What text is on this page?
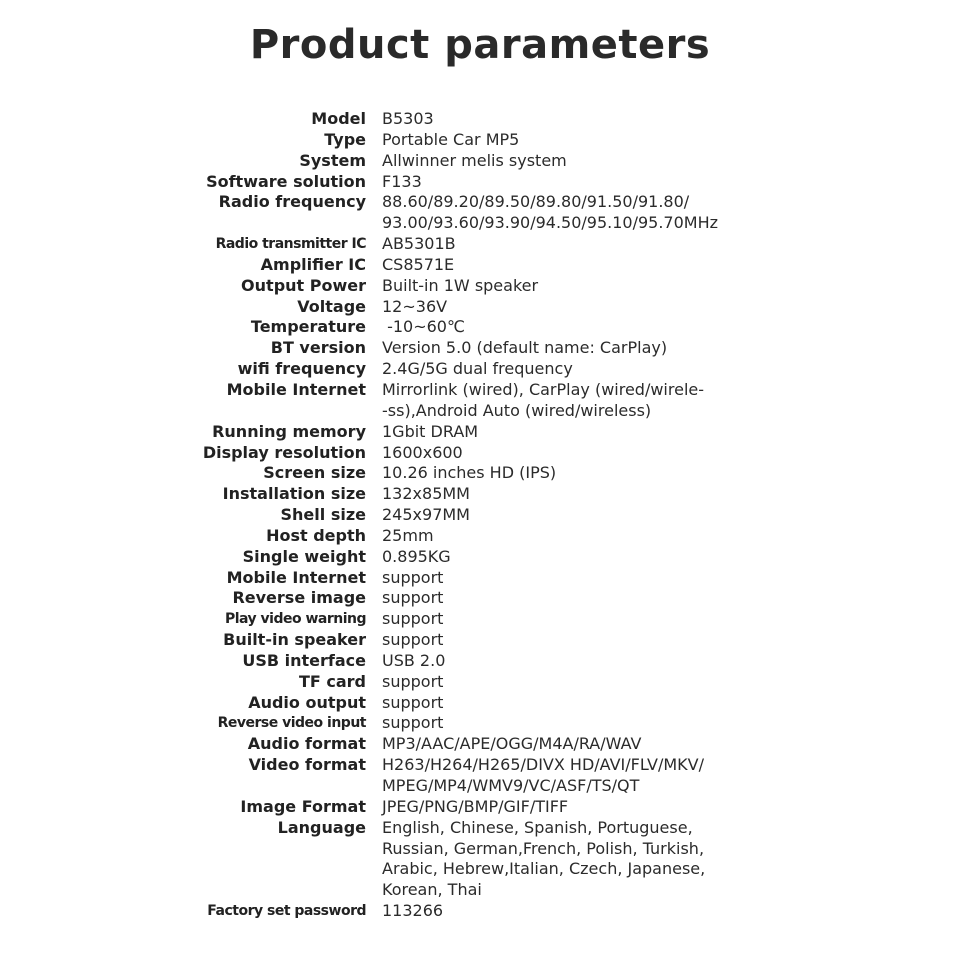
Product parameters
Model B5303
Type Portable Car MP5
System Allwinner melis system
Software solution F133
Radio frequency 88.60/89.20/89.50/89.80/91.50/91.80/
93.00/93.60/93.90/94.50/95.10/95.70MHz
Radio transmitter IC AB5301B
Amplifier IC CS8571E
Output Power Built-in 1W speaker
Voltage 12~36V
Temperature -10~60℃
BT version Version 5.0 (default name: CarPlay)
wifi frequency 2.4G/5G dual frequency
Mobile Internet Mirrorlink (wired), CarPlay (wired/wirele-
-ss),Android Auto (wired/wireless)
Running memory 1Gbit DRAM
Display resolution 1600x600
Screen size 10.26 inches HD (IPS)
Installation size 132x85MM
Shell size 245x97MM
Host depth 25mm
Single weight 0.895KG
Mobile Internet support
Reverse image support
Play video warning support
Built-in speaker support
USB interface USB 2.0
TF card support
Audio output support
Reverse video input support
Audio format MP3/AAC/APE/OGG/M4A/RA/WAV
Video format H263/H264/H265/DIVX HD/AVI/FLV/MKV/
MPEG/MP4/WMV9/VC/ASF/TS/QT
Image Format JPEG/PNG/BMP/GIF/TIFF
Language English, Chinese, Spanish, Portuguese,
Russian, German,French, Polish, Turkish,
Arabic, Hebrew,Italian, Czech, Japanese,
Korean, Thai
Factory set password 113266
